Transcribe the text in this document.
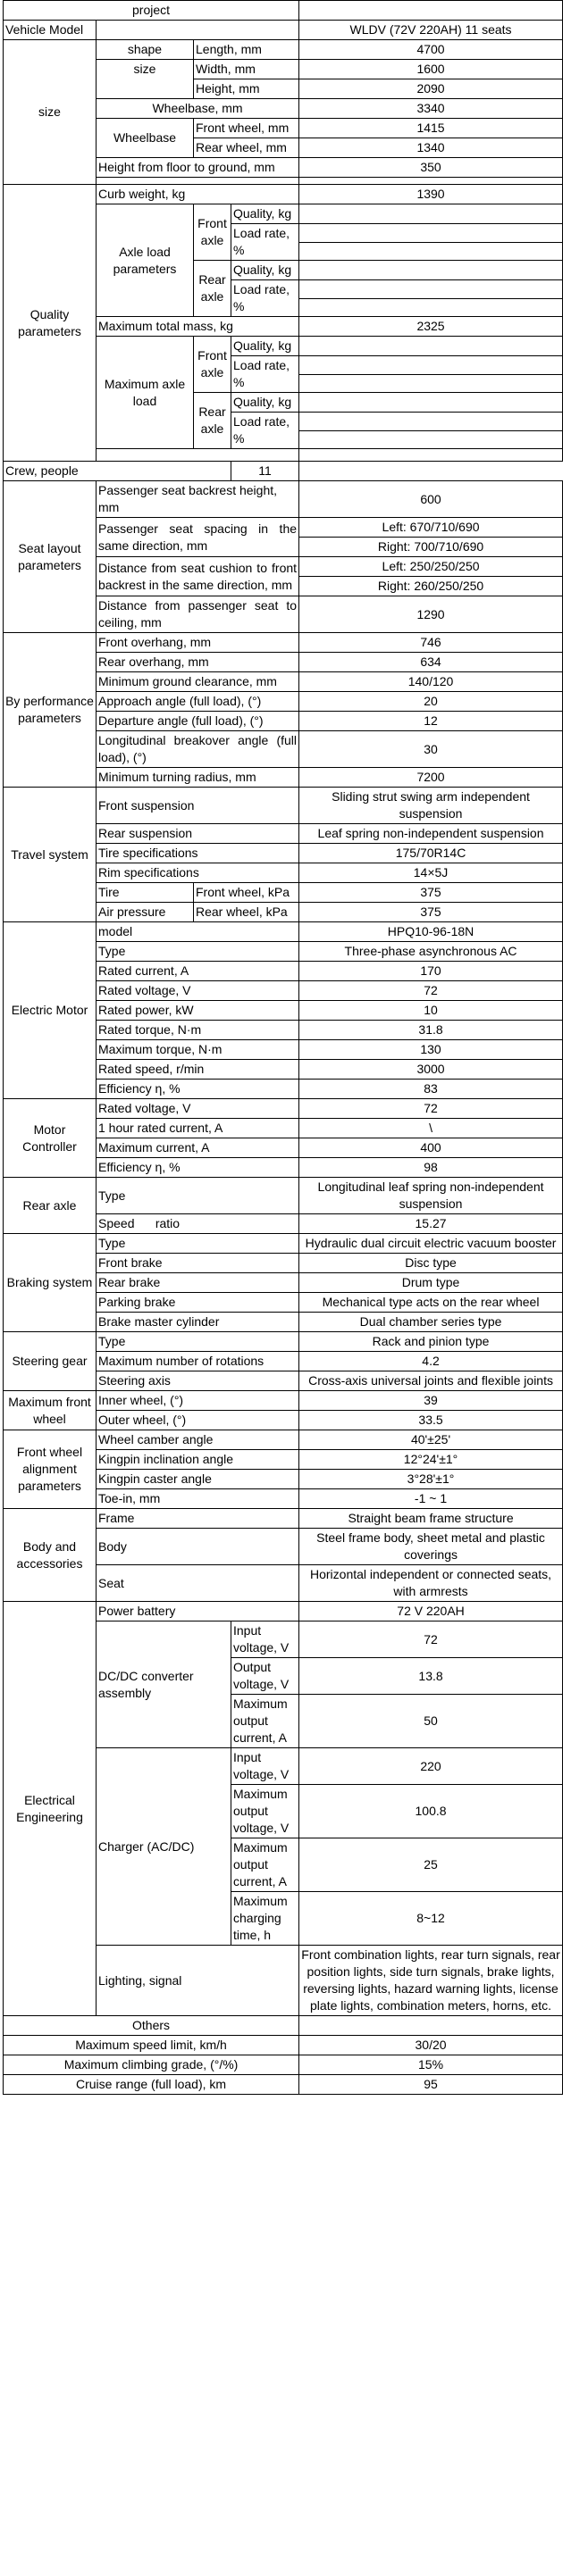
project				
Vehicle Model				WLDV (72V 220AH) 11 seats
size	shape	Length, mm		4700
	size	Width, mm		1600
		Height, mm		2090
	Wheelbase, mm			3340
	Wheelbase	Front wheel, mm		1415
		Rear wheel, mm		1340
	Height from floor to ground, mm			350

Quality parameters	Curb weight, kg			1390
	Axle load parameters	Front axle	Quality, kg	
			Load rate, %	

		Rear axle	Quality, kg	
			Load rate, %	

	Maximum total mass, kg			2325
	Maximum axle load	Front axle	Quality, kg	
			Load rate, %	

		Rear axle	Quality, kg	
			Load rate, %	

Crew, people			11	
Seat layout parameters	Passenger seat backrest height, mm			600
	Passenger seat spacing in the same direction, mm			Left: 670/710/690
				Right: 700/710/690
	Distance from seat cushion to front backrest in the same direction, mm			Left: 250/250/250
				Right: 260/250/250
	Distance from passenger seat to ceiling, mm			1290
By performance parameters	Front overhang, mm			746
	Rear overhang, mm			634
	Minimum ground clearance, mm			140/120
	Approach angle (full load), (°)			20
	Departure angle (full load), (°)			12
	Longitudinal breakover angle (full load), (°)			30
	Minimum turning radius, mm			7200
Travel system	Front suspension			Sliding strut swing arm independent suspension
	Rear suspension			Leaf spring non-independent suspension
	Tire specifications			175/70R14C
	Rim specifications			14×5J
	Tire	Front wheel, kPa		375
	Air pressure	Rear wheel, kPa		375
Electric Motor	model			HPQ10-96-18N
	Type			Three-phase asynchronous AC
	Rated current, A			170
	Rated voltage, V			72
	Rated power, kW			10
	Rated torque, N·m			31.8
	Maximum torque, N·m			130
	Rated speed, r/min			3000
	Efficiency η, %			83
Motor Controller	Rated voltage, V			72
	1 hour rated current, A			\
	Maximum current, A			400
	Efficiency η, %			98
Rear axle	Type			Longitudinal leaf spring non-independent suspension
	Speed      ratio			15.27
Braking system	Type			Hydraulic dual circuit electric vacuum booster
	Front brake			Disc type
	Rear brake			Drum type
	Parking brake			Mechanical type acts on the rear wheel
	Brake master cylinder			Dual chamber series type
Steering gear	Type			Rack and pinion type
	Maximum number of rotations			4.2
	Steering axis			Cross-axis universal joints and flexible joints
Maximum front wheel	Inner wheel, (°)			39
	Outer wheel, (°)			33.5
Front wheel alignment parameters	Wheel camber angle			40'±25'
	Kingpin inclination angle			12°24'±1°
	Kingpin caster angle			3°28'±1°
	Toe-in, mm			-1 ~ 1
Body and accessories	Frame			Straight beam frame structure
	Body			Steel frame body, sheet metal and plastic coverings
	Seat			Horizontal independent or connected seats, with armrests
Electrical Engineering	Power battery			72 V 220AH
	DC/DC converter assembly		Input voltage, V	72
			Output voltage, V	13.8
			Maximum output current, A	50
	Charger (AC/DC)		Input voltage, V	220
			Maximum output voltage, V	100.8
			Maximum output current, A	25
			Maximum charging time, h	8~12
	Lighting, signal			Front combination lights, rear turn signals, rear position lights, side turn signals, brake lights, reversing lights, hazard warning lights, license plate lights, combination meters, horns, etc.
Others				
Maximum speed limit, km/h				30/20
Maximum climbing grade, (°/%)				15%
Cruise range (full load), km				95
